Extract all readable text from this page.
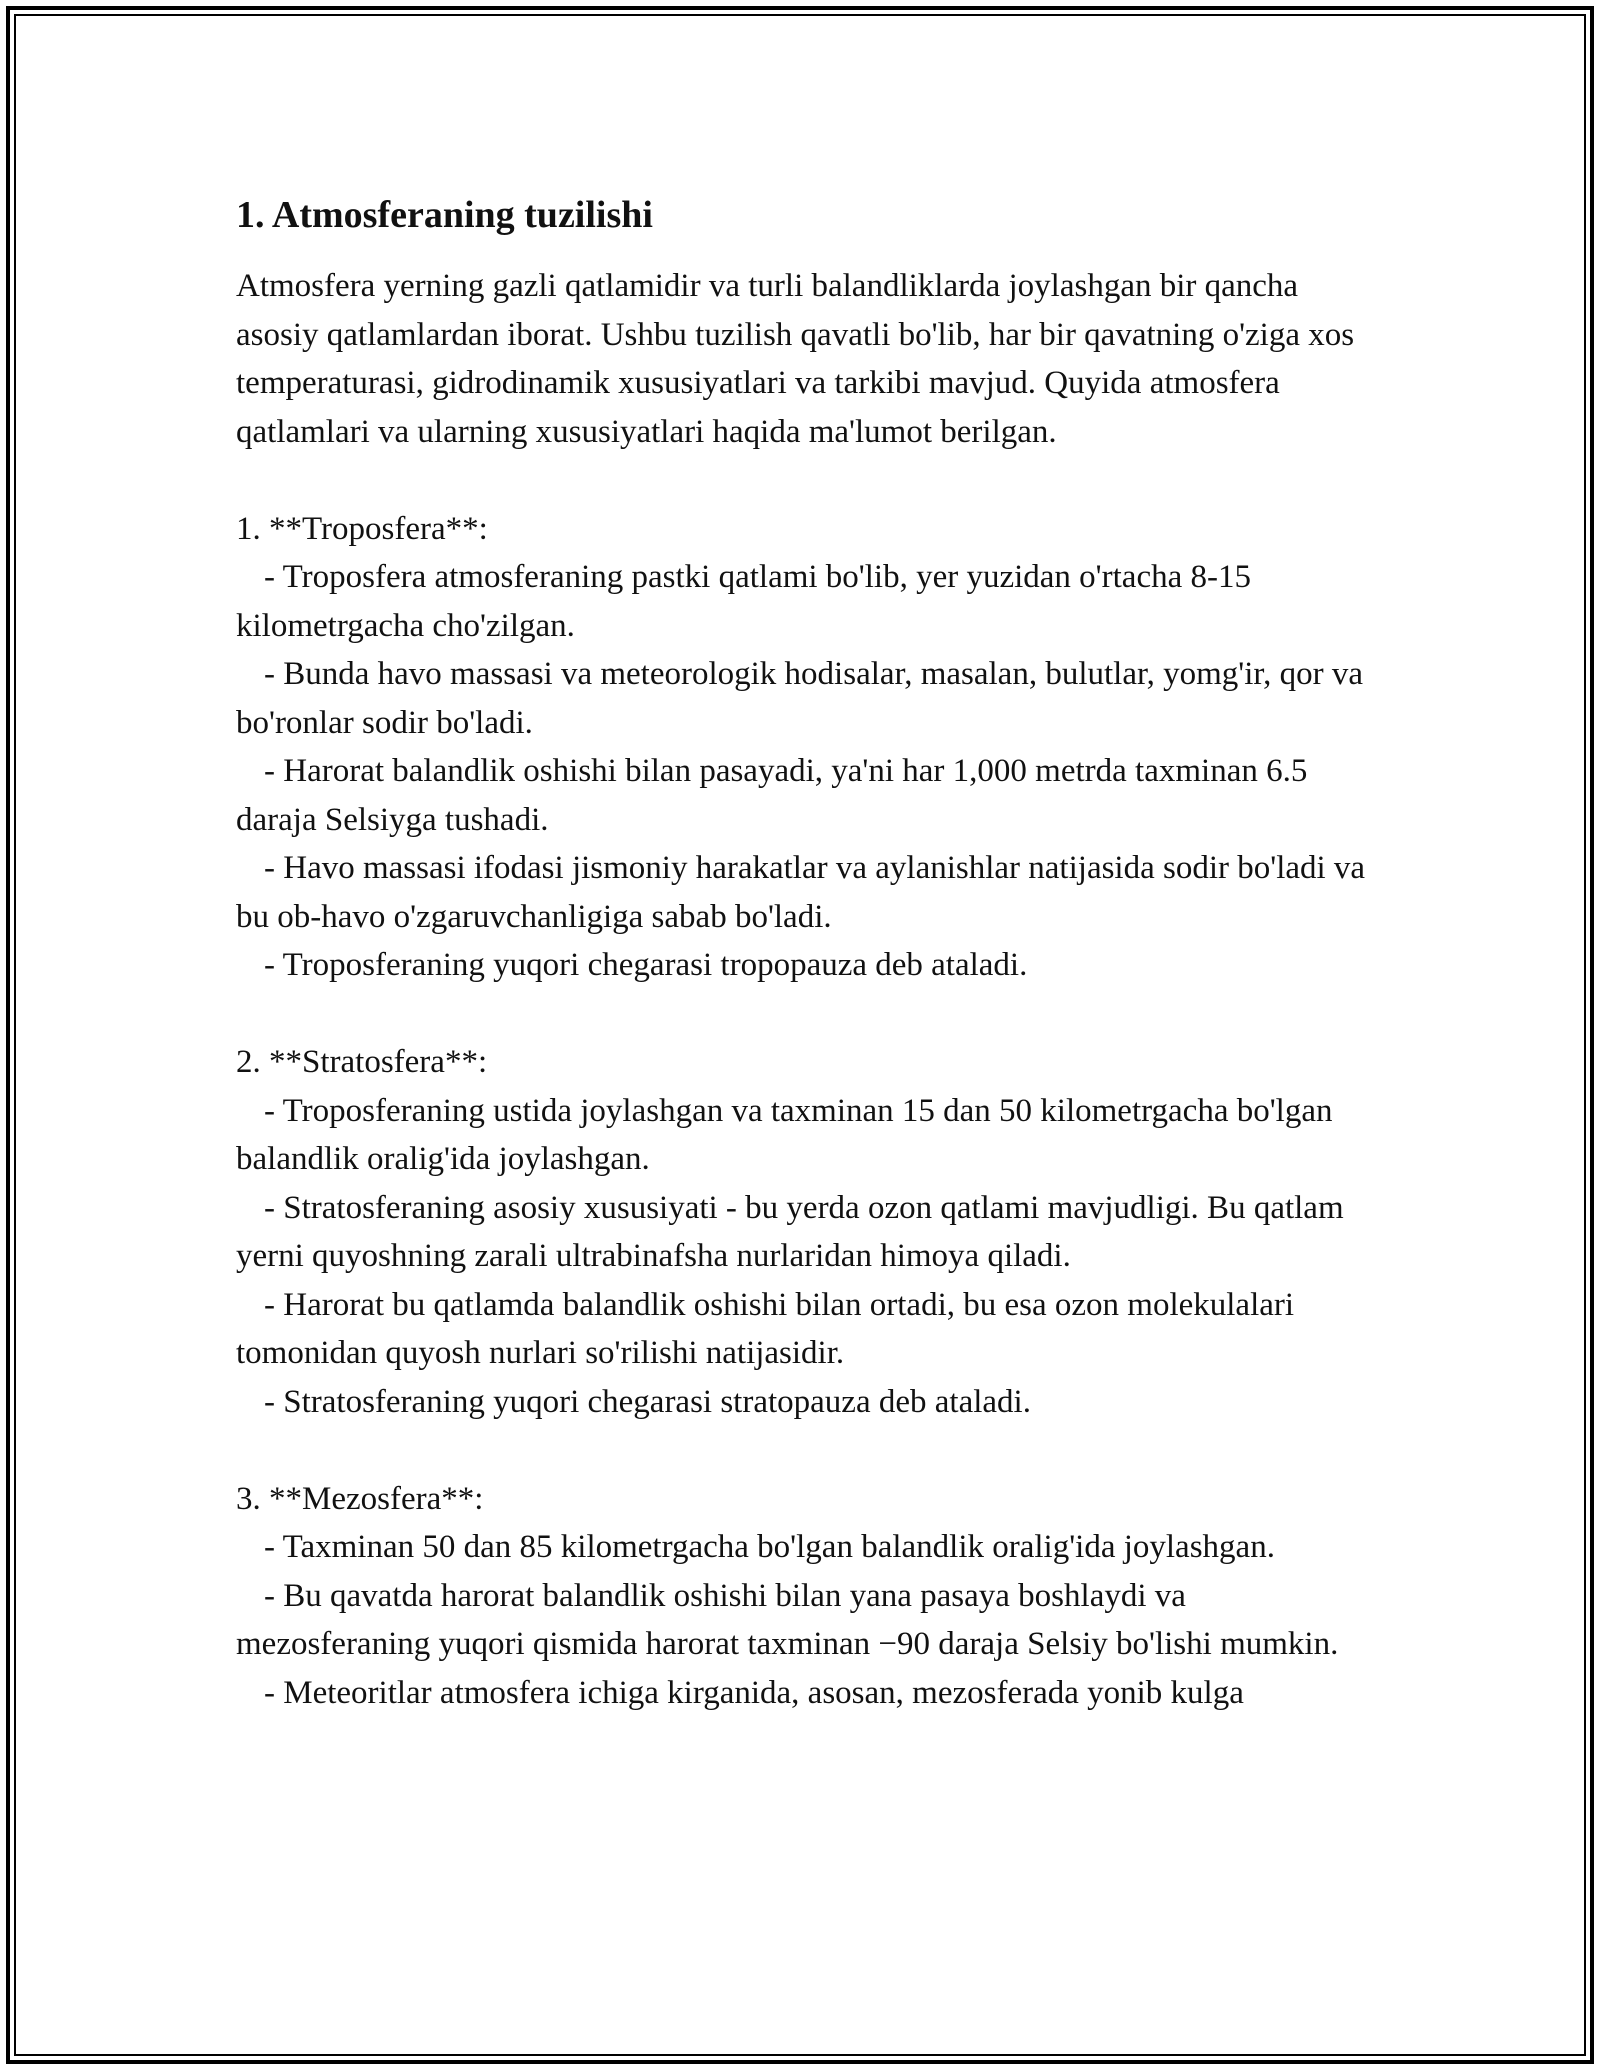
1. Atmosferaning tuzilishi

Atmosfera yerning gazli qatlamidir va turli balandliklarda joylashgan bir qancha asosiy qatlamlardan iborat. Ushbu tuzilish qavatli bo'lib, har bir qavatning o'ziga xos temperaturasi, gidrodinamik xususiyatlari va tarkibi mavjud. Quyida atmosfera qatlamlari va ularning xususiyatlari haqida ma'lumot berilgan.

1. **Troposfera**:

- Troposfera atmosferaning pastki qatlami bo'lib, yer yuzidan o'rtacha 8-15 kilometrgacha cho'zilgan.

- Bunda havo massasi va meteorologik hodisalar, masalan, bulutlar, yomg'ir, qor va bo'ronlar sodir bo'ladi.

- Harorat balandlik oshishi bilan pasayadi, ya'ni har 1,000 metrda taxminan 6.5 daraja Selsiyga tushadi.

- Havo massasi ifodasi jismoniy harakatlar va aylanishlar natijasida sodir bo'ladi va bu ob-havo o'zgaruvchanligiga sabab bo'ladi.

- Troposferaning yuqori chegarasi tropopauza deb ataladi.

2. **Stratosfera**:

- Troposferaning ustida joylashgan va taxminan 15 dan 50 kilometrgacha bo'lgan balandlik oralig'ida joylashgan.

- Stratosferaning asosiy xususiyati - bu yerda ozon qatlami mavjudligi. Bu qatlam yerni quyoshning zarali ultrabinafsha nurlaridan himoya qiladi.

- Harorat bu qatlamda balandlik oshishi bilan ortadi, bu esa ozon molekulalari tomonidan quyosh nurlari so'rilishi natijasidir.

- Stratosferaning yuqori chegarasi stratopauza deb ataladi.

3. **Mezosfera**:

- Taxminan 50 dan 85 kilometrgacha bo'lgan balandlik oralig'ida joylashgan.

- Bu qavatda harorat balandlik oshishi bilan yana pasaya boshlaydi va mezosferaning yuqori qismida harorat taxminan −90 daraja Selsiy bo'lishi mumkin.

- Meteoritlar atmosfera ichiga kirganida, asosan, mezosferada yonib kulga
